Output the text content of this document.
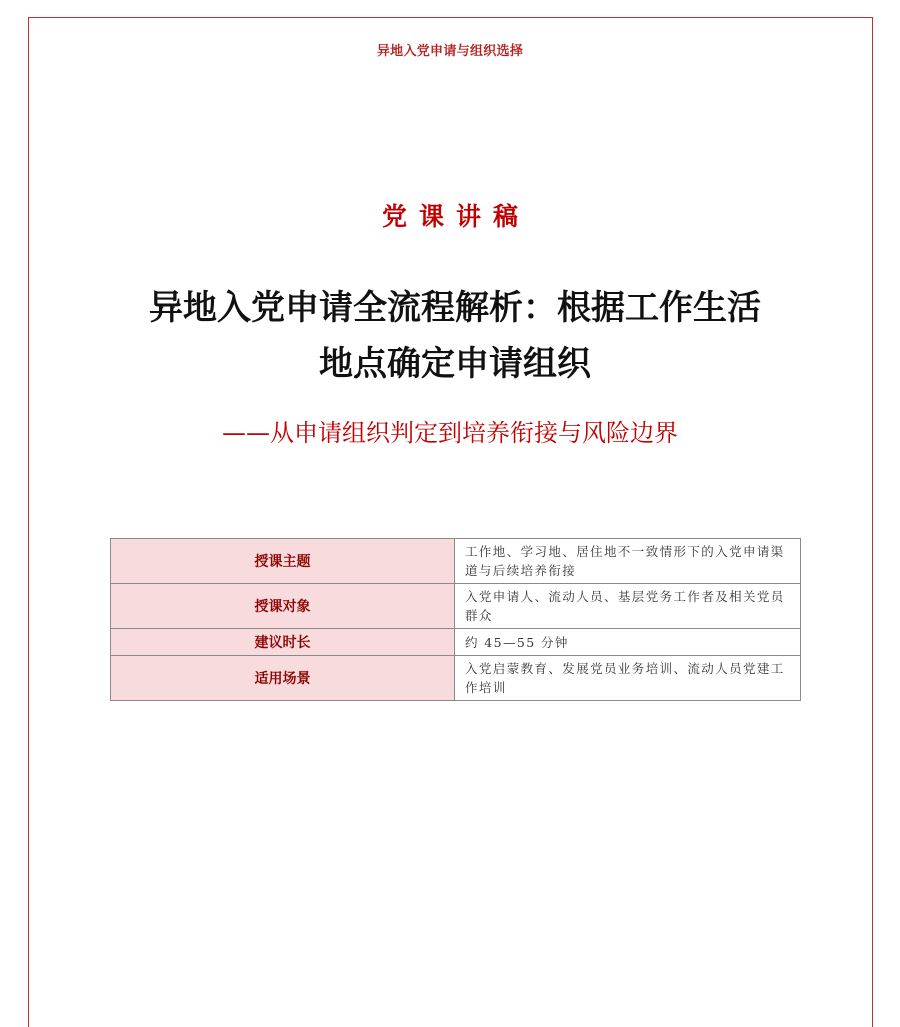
异地入党申请与组织选择
党课讲稿
异地入党申请全流程解析：根据工作生活
地点确定申请组织
——从申请组织判定到培养衔接与风险边界
授课主题	工作地、学习地、居住地不一致情形下的入党申请渠道与后续培养衔接
授课对象	入党申请人、流动人员、基层党务工作者及相关党员群众
建议时长	约 45—55 分钟
适用场景	入党启蒙教育、发展党员业务培训、流动人员党建工作培训
